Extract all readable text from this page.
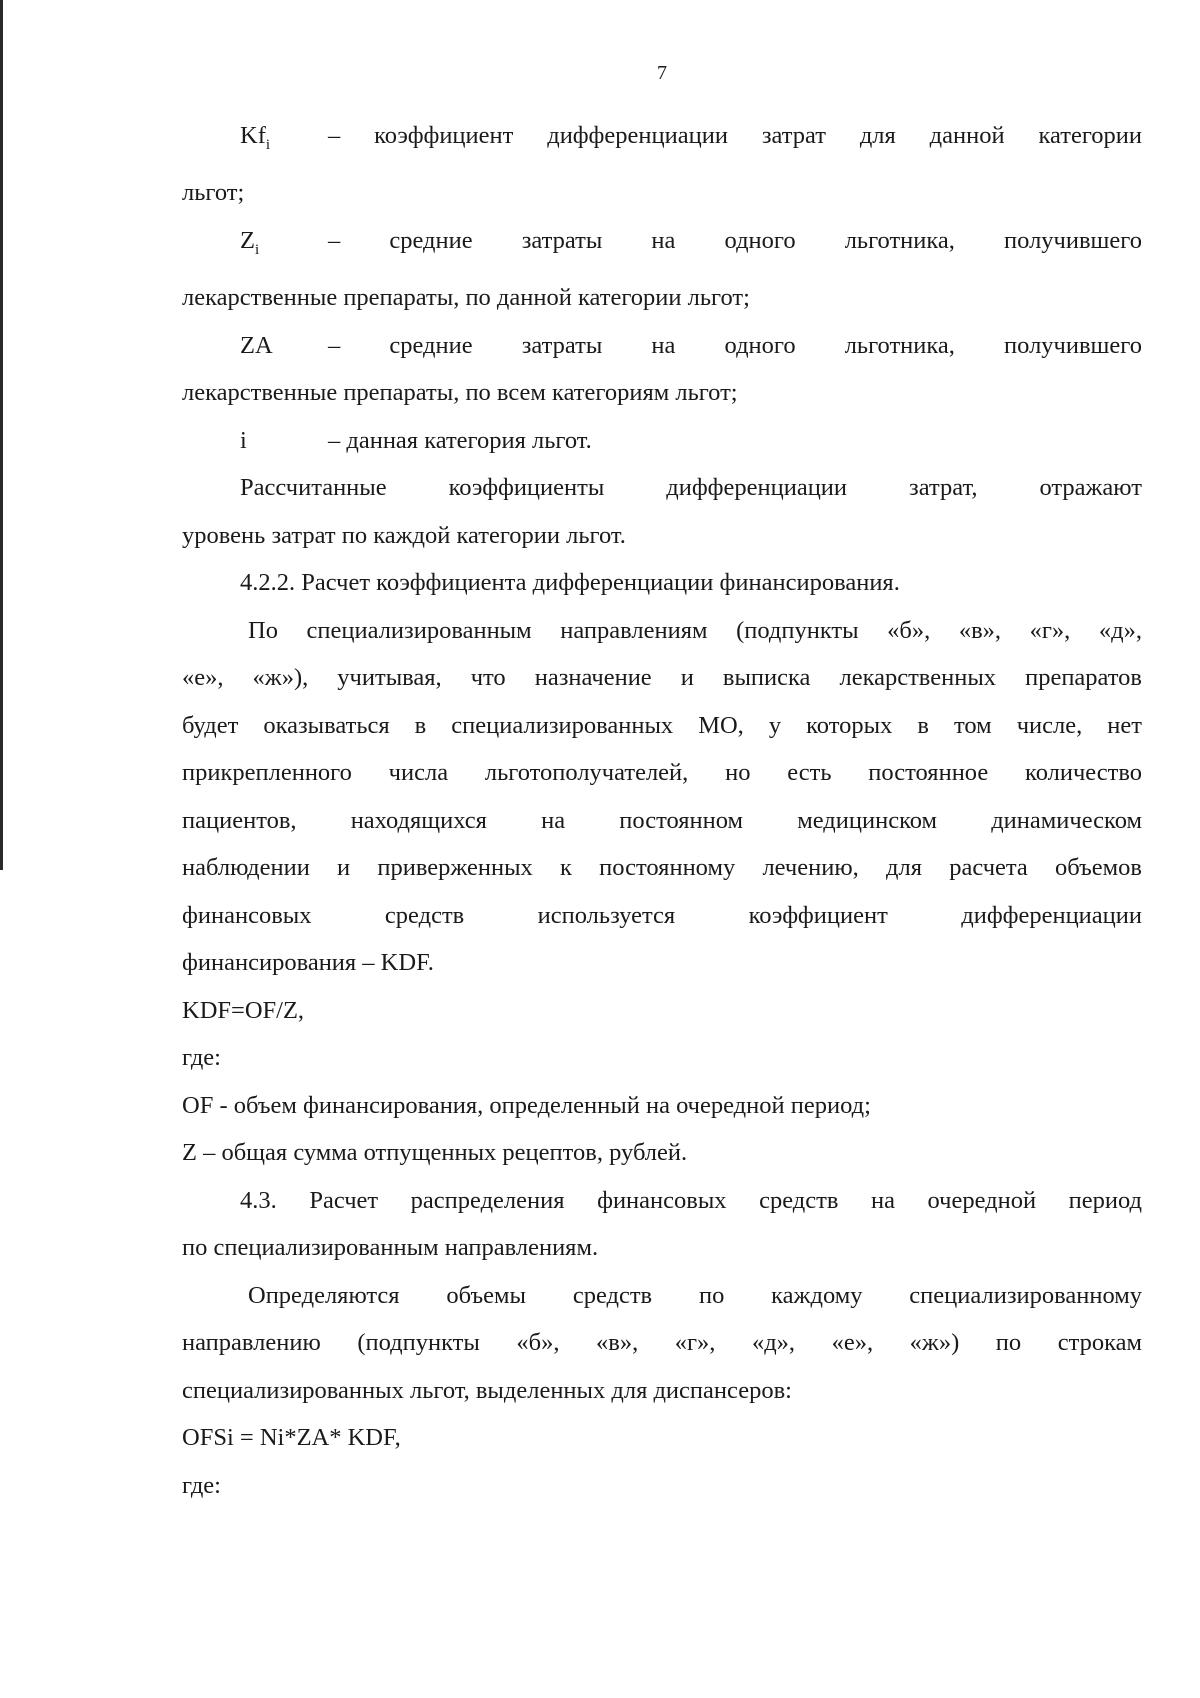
7
$Kf_i$	– коэффициент дифференциации затрат для данной категории

льгот;

$Z_i$	– средние затраты на одного льготника, получившего

лекарственные препараты, по данной категории льгот;

ZA	– средние затраты на одного льготника, получившего

лекарственные препараты, по всем категориям льгот;

i	– данная категория льгот.

Рассчитанные коэффициенты дифференциации затрат, отражают

уровень затрат по каждой категории льгот.

4.2.2. Расчет коэффициента дифференциации финансирования.

По специализированным направлениям (подпункты «б», «в», «г», «д»,

«е», «ж»), учитывая, что назначение и выписка лекарственных препаратов

будет оказываться в специализированных МО, у которых в том числе, нет

прикрепленного числа льготополучателей, но есть постоянное количество

пациентов, находящихся на постоянном медицинском динамическом

наблюдении и приверженных к постоянному лечению, для расчета объемов

финансовых средств используется коэффициент дифференциации

финансирования – KDF.

KDF=OF/Z,

где:

OF - объем финансирования, определенный на очередной период;

Z – общая сумма отпущенных рецептов, рублей.

4.3. Расчет распределения финансовых средств на очередной период

по специализированным направлениям.

Определяются объемы средств по каждому специализированному

направлению (подпункты «б», «в», «г», «д», «е», «ж») по строкам

специализированных льгот, выделенных для диспансеров:

OFSi = Ni*ZA* KDF,

где:
